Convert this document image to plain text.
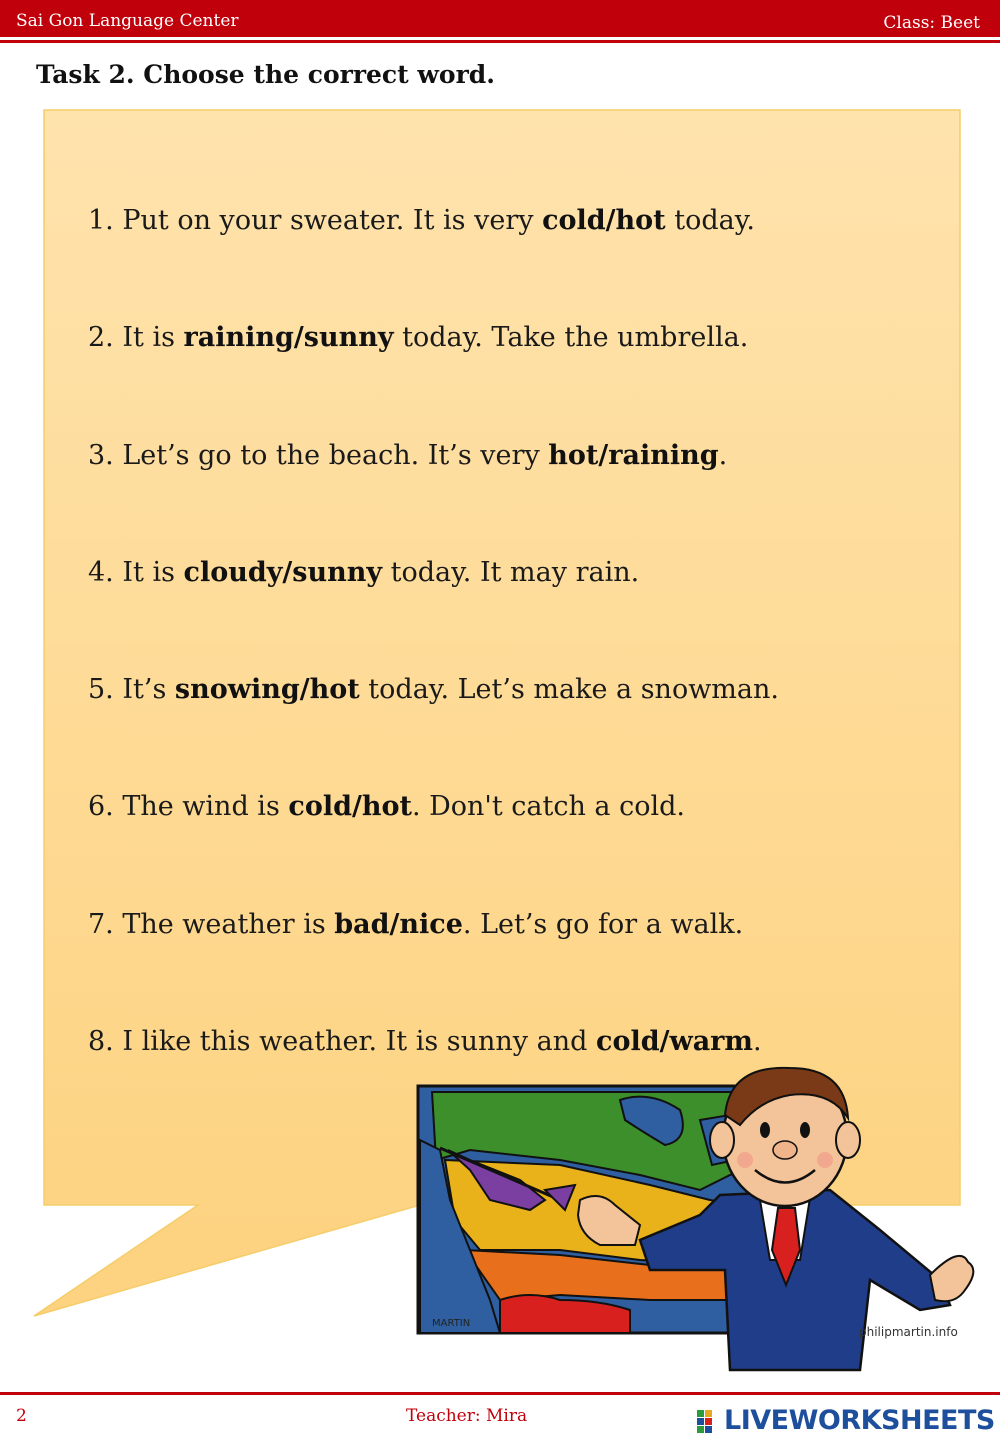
Sai Gon Language Center	Class: Beet
Task 2. Choose the correct word.
1. Put on your sweater. It is very cold/hot today.
2. It is raining/sunny today. Take the umbrella.
3. Let’s go to the beach. It’s very hot/raining.
4. It is cloudy/sunny today. It may rain.
5. It’s snowing/hot today. Let’s make a snowman.
6. The wind is cold/hot. Don't catch a cold.
7. The weather is bad/nice. Let’s go for a walk.
8. I like this weather. It is sunny and cold/warm.
MARTIN
philipmartin.info
2	Teacher: Mira	LIVEWORKSHEETS
